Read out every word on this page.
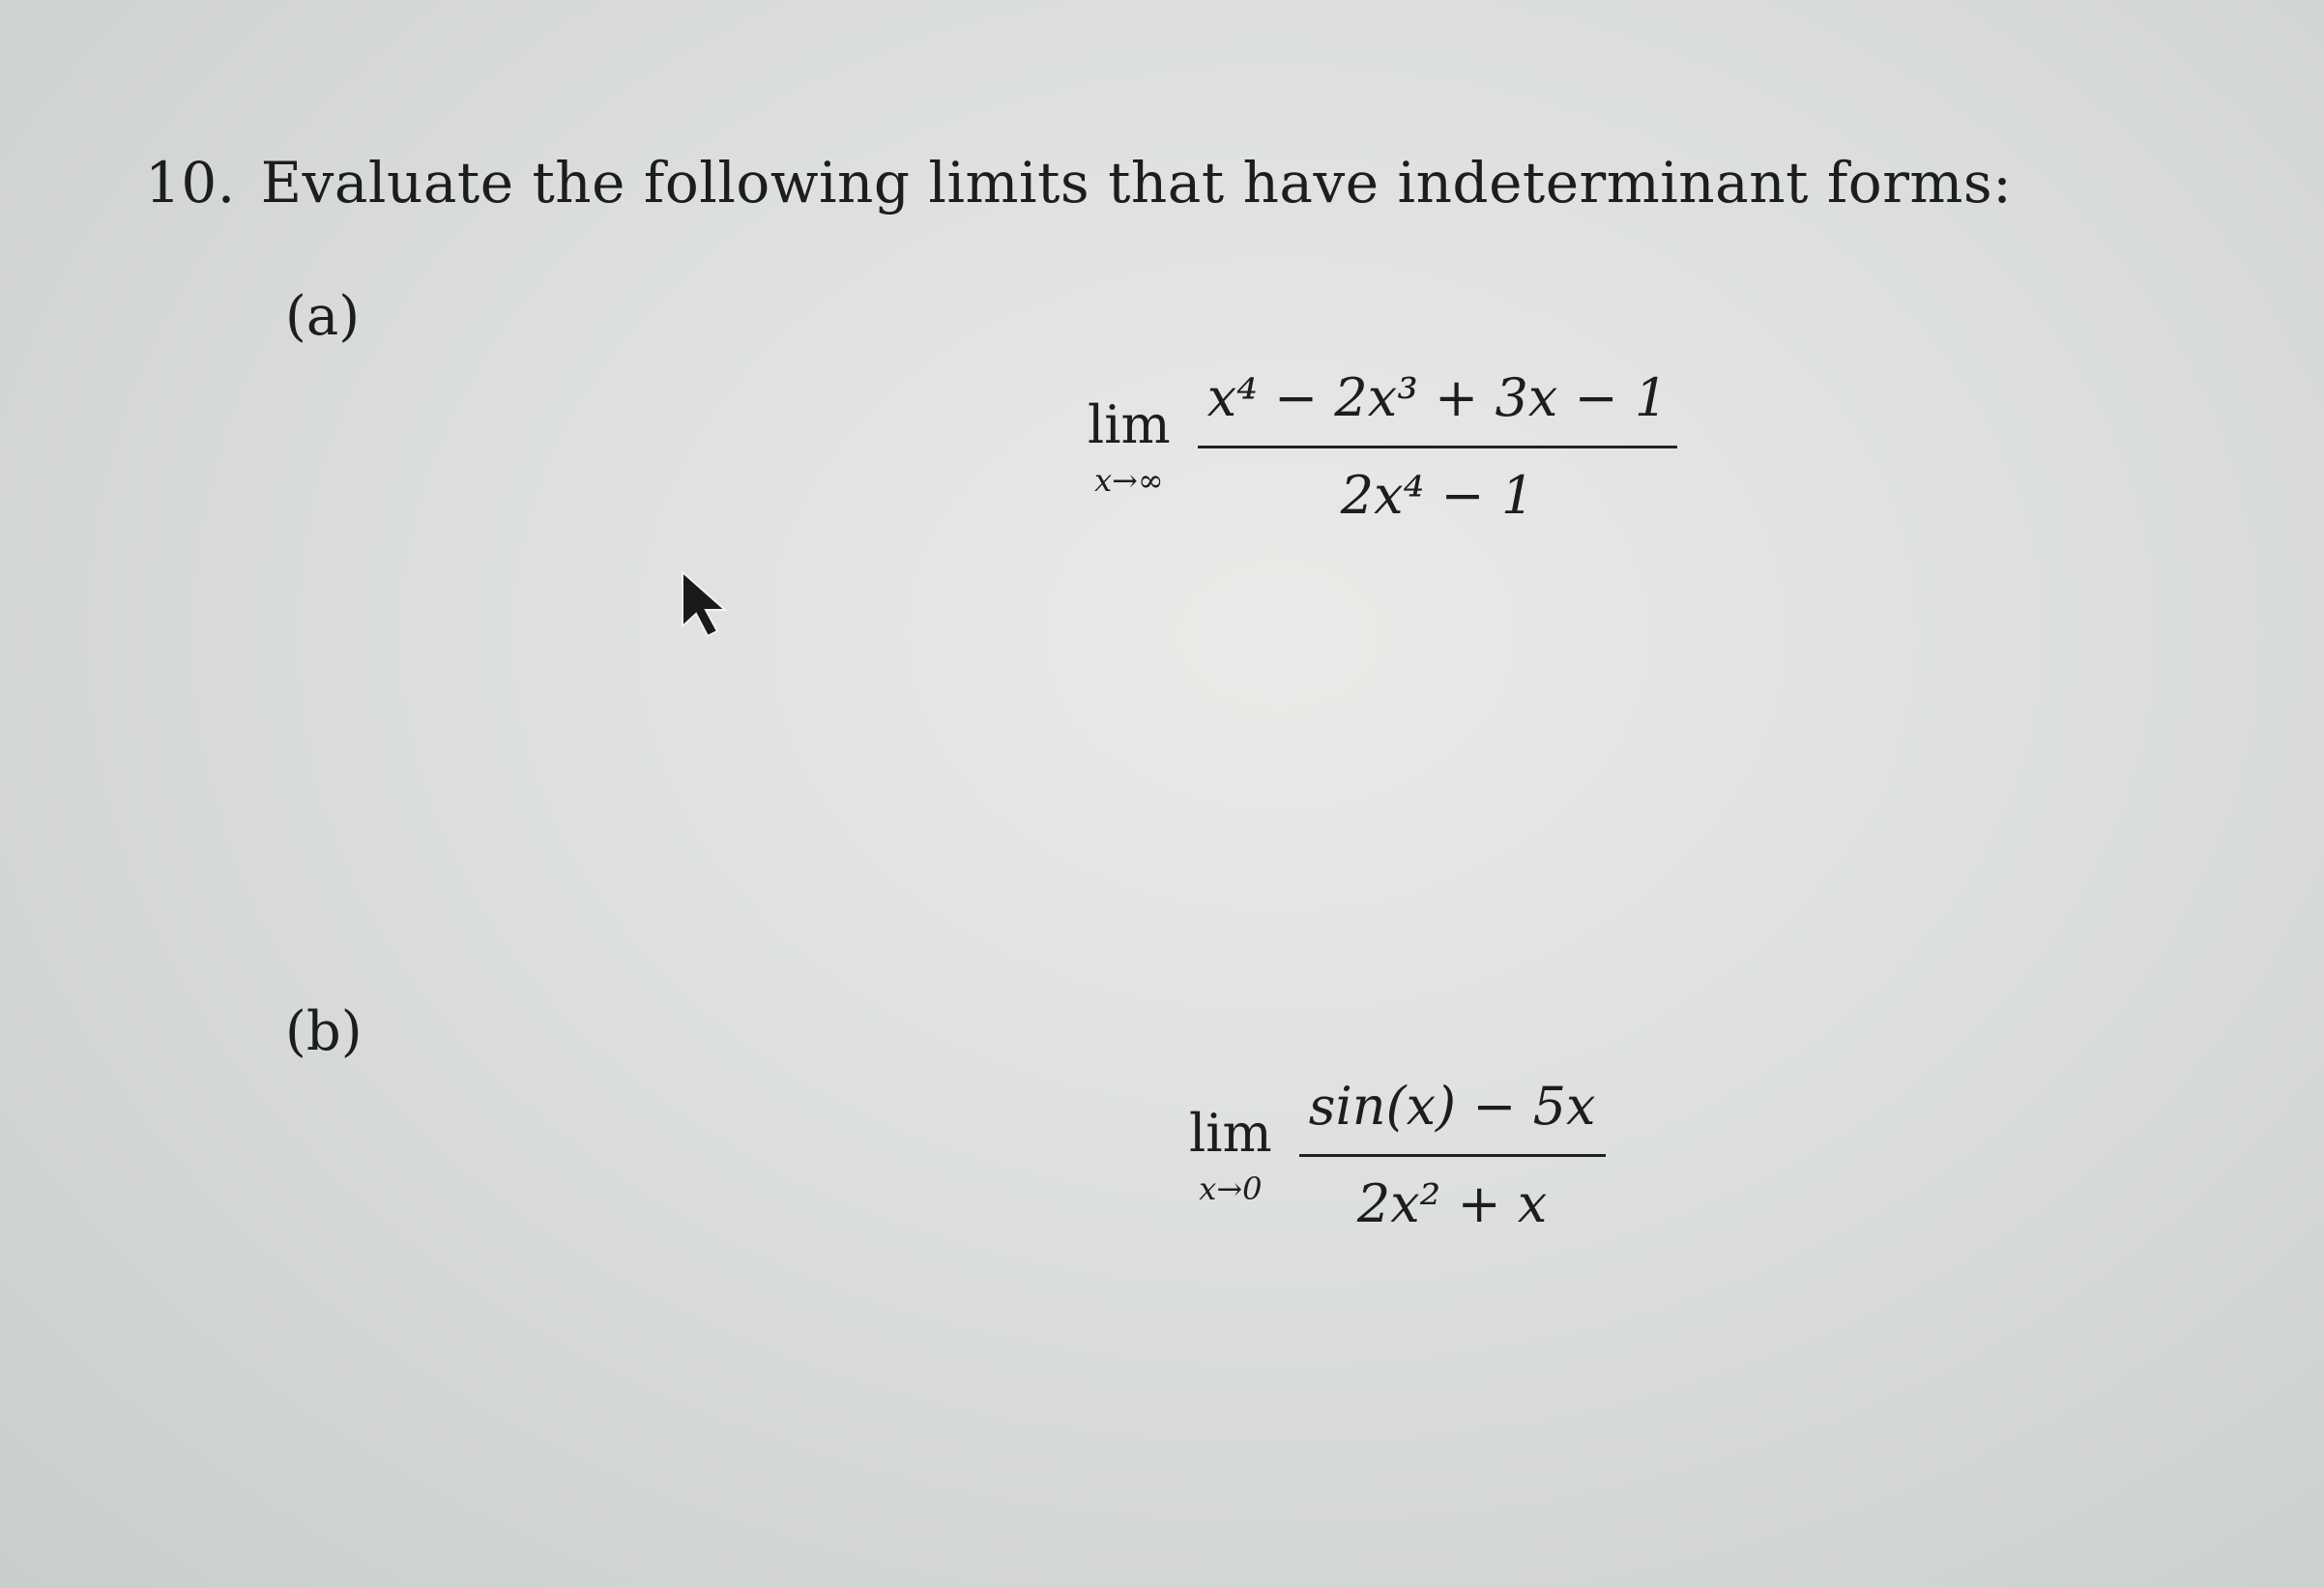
10. Evaluate the following limits that have indeterminant forms:
(a)
lim
$x\to\infty \frac{\text{x⁴ − 2x³ + 3x − 1}}{\text{2x⁴ − 1}}$
(b)
lim
$x\to 0 \frac{\sin(x) - 5x}{\text{2x² + x}}$
